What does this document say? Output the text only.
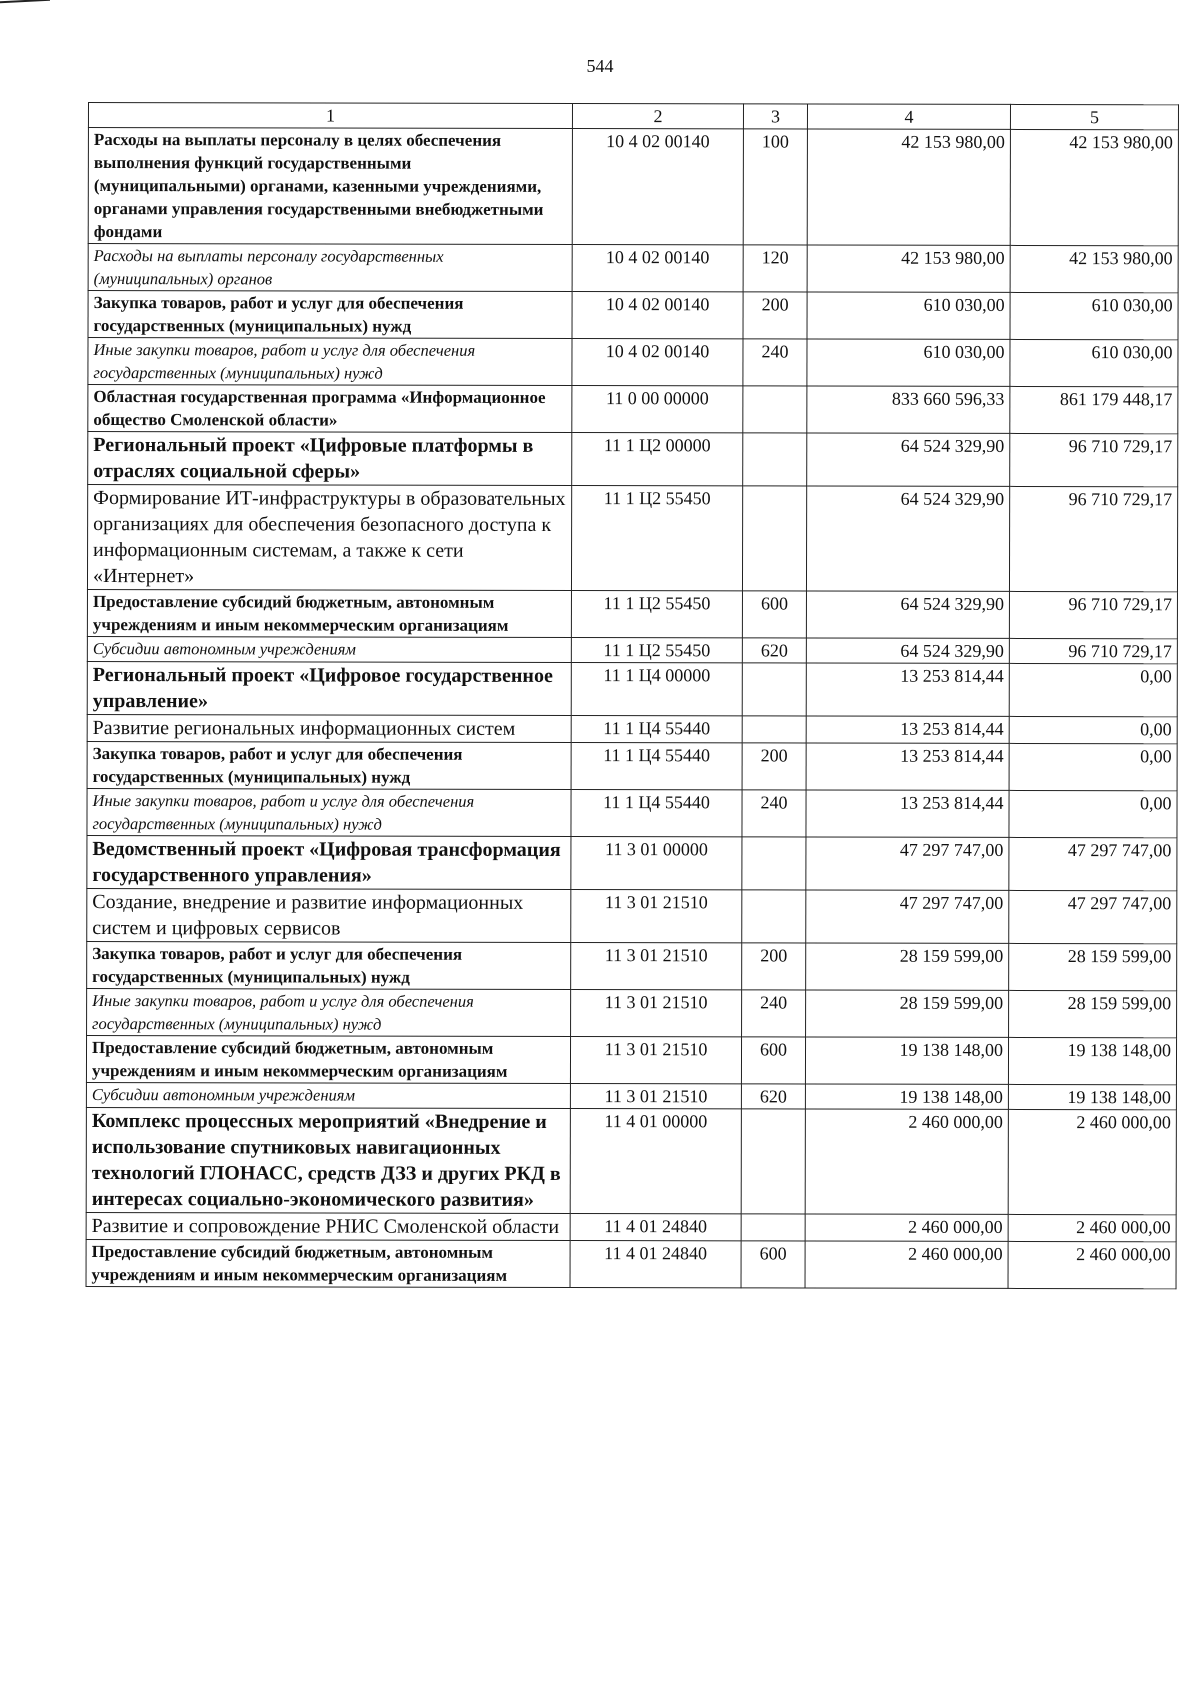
544
1	2	3	4	5
Расходы на выплаты персоналу в целях обеспечения выполнения функций государственными (муниципальными) органами, казенными учреждениями, органами управления государственными внебюджетными фондами	10 4 02 00140	100	42 153 980,00	42 153 980,00
Расходы на выплаты персоналу государственных (муниципальных) органов	10 4 02 00140	120	42 153 980,00	42 153 980,00
Закупка товаров, работ и услуг для обеспечения государственных (муниципальных) нужд	10 4 02 00140	200	610 030,00	610 030,00
Иные закупки товаров, работ и услуг для обеспечения государственных (муниципальных) нужд	10 4 02 00140	240	610 030,00	610 030,00
Областная государственная программа «Информационное общество Смоленской области»	11 0 00 00000		833 660 596,33	861 179 448,17
Региональный проект «Цифровые платформы в отраслях социальной сферы»	11 1 Ц2 00000		64 524 329,90	96 710 729,17
Формирование ИТ-инфраструктуры в образовательных организациях для обеспечения безопасного доступа к информационным системам, а также к сети «Интернет»	11 1 Ц2 55450		64 524 329,90	96 710 729,17
Предоставление субсидий бюджетным, автономным учреждениям и иным некоммерческим организациям	11 1 Ц2 55450	600	64 524 329,90	96 710 729,17
Субсидии автономным учреждениям	11 1 Ц2 55450	620	64 524 329,90	96 710 729,17
Региональный проект «Цифровое государственное управление»	11 1 Ц4 00000		13 253 814,44	0,00
Развитие региональных информационных систем	11 1 Ц4 55440		13 253 814,44	0,00
Закупка товаров, работ и услуг для обеспечения государственных (муниципальных) нужд	11 1 Ц4 55440	200	13 253 814,44	0,00
Иные закупки товаров, работ и услуг для обеспечения государственных (муниципальных) нужд	11 1 Ц4 55440	240	13 253 814,44	0,00
Ведомственный проект «Цифровая трансформация государственного управления»	11 3 01 00000		47 297 747,00	47 297 747,00
Создание, внедрение и развитие информационных систем и цифровых сервисов	11 3 01 21510		47 297 747,00	47 297 747,00
Закупка товаров, работ и услуг для обеспечения государственных (муниципальных) нужд	11 3 01 21510	200	28 159 599,00	28 159 599,00
Иные закупки товаров, работ и услуг для обеспечения государственных (муниципальных) нужд	11 3 01 21510	240	28 159 599,00	28 159 599,00
Предоставление субсидий бюджетным, автономным учреждениям и иным некоммерческим организациям	11 3 01 21510	600	19 138 148,00	19 138 148,00
Субсидии автономным учреждениям	11 3 01 21510	620	19 138 148,00	19 138 148,00
Комплекс процессных мероприятий «Внедрение и использование спутниковых навигационных технологий ГЛОНАСС, средств ДЗЗ и других РКД в интересах социально-экономического развития»	11 4 01 00000		2 460 000,00	2 460 000,00
Развитие и сопровождение РНИС Смоленской области	11 4 01 24840		2 460 000,00	2 460 000,00
Предоставление субсидий бюджетным, автономным учреждениям и иным некоммерческим организациям	11 4 01 24840	600	2 460 000,00	2 460 000,00
